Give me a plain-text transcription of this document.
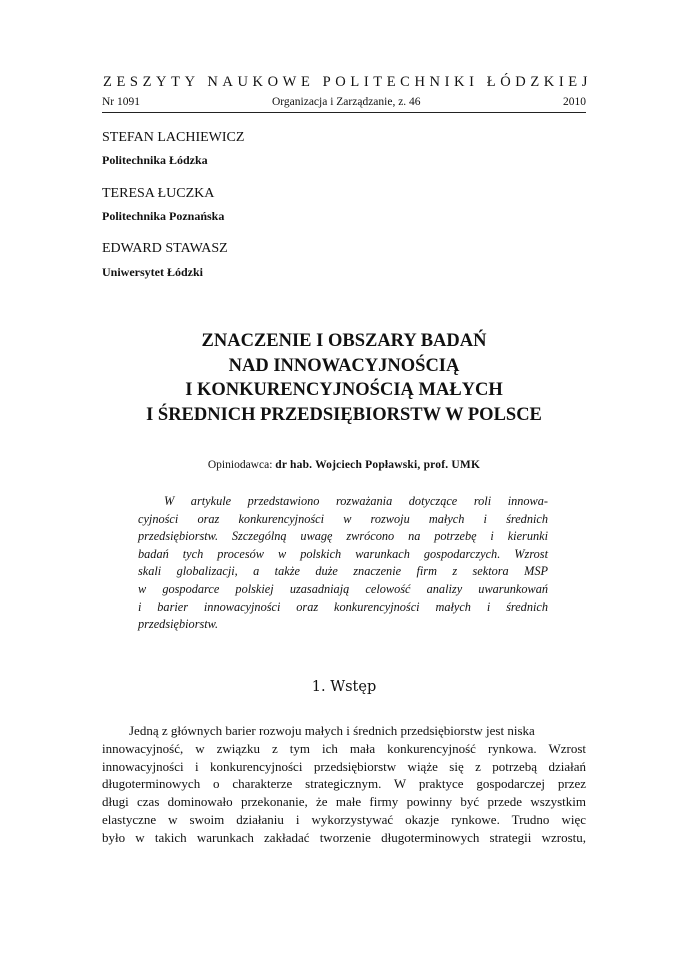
ZESZYTY NAUKOWE POLITECHNIKI ŁÓDZKIEJ
Nr 1091	Organizacja i Zarządzanie, z. 46	2010
STEFAN LACHIEWICZ
Politechnika Łódzka
TERESA ŁUCZKA
Politechnika Poznańska
EDWARD STAWASZ
Uniwersytet Łódzki
ZNACZENIE I OBSZARY BADAŃ
NAD INNOWACYJNOŚCIĄ
I KONKURENCYJNOŚCIĄ MAŁYCH
I ŚREDNICH PRZEDSIĘBIORSTW W POLSCE
Opiniodawca: dr hab. Wojciech Popławski, prof. UMK
W artykule przedstawiono rozważania dotyczące roli innowa-
cyjności oraz konkurencyjności w rozwoju małych i średnich
przedsiębiorstw. Szczególną uwagę zwrócono na potrzebę i kierunki
badań tych procesów w polskich warunkach gospodarczych. Wzrost
skali globalizacji, a także duże znaczenie firm z sektora MSP
w gospodarce polskiej uzasadniają celowość analizy uwarunkowań
i barier innowacyjności oraz konkurencyjności małych i średnich
przedsiębiorstw.
1. Wstęp
Jedną z głównych barier rozwoju małych i średnich przedsiębiorstw jest niska
innowacyjność, w związku z tym ich mała konkurencyjność rynkowa. Wzrost
innowacyjności i konkurencyjności przedsiębiorstw wiąże się z potrzebą działań
długoterminowych o charakterze strategicznym. W praktyce gospodarczej przez
długi czas dominowało przekonanie, że małe firmy powinny być przede wszystkim
elastyczne w swoim działaniu i wykorzystywać okazje rynkowe. Trudno więc
było w takich warunkach zakładać tworzenie długoterminowych strategii wzrostu,
